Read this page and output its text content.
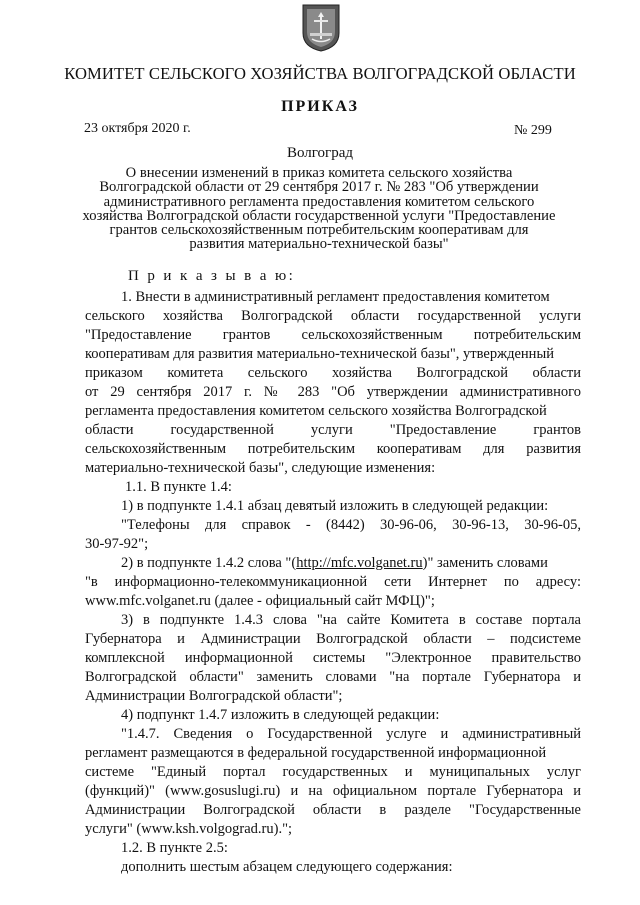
КОМИТЕТ СЕЛЬСКОГО ХОЗЯЙСТВА ВОЛГОГРАДСКОЙ ОБЛАСТИ
ПРИКАЗ
23 октября 2020 г.	№ 299
Волгоград
О внесении изменений в приказ комитета сельского хозяйства
Волгоградской области от 29 сентября 2017 г. № 283 "Об утверждении
административного регламента предоставления комитетом сельского
хозяйства Волгоградской области государственной услуги "Предоставление
грантов сельскохозяйственным потребительским кооперативам для
развития материально-технической базы"
П р и к а з ы в а ю:
1. Внести в административный регламент предоставления комитетом
сельского хозяйства Волгоградской области государственной услуги
"Предоставление грантов сельскохозяйственным потребительским
кооперативам для развития материально-технической базы", утвержденный
приказом комитета сельского хозяйства Волгоградской области
от 29 сентября 2017 г. № 283 "Об утверждении административного
регламента предоставления комитетом сельского хозяйства Волгоградской
области государственной услуги "Предоставление грантов
сельскохозяйственным потребительским кооперативам для развития
материально-технической базы", следующие изменения:
1.1. В пункте 1.4:
1) в подпункте 1.4.1 абзац девятый изложить в следующей редакции:
"Телефоны для справок - (8442) 30-96-06, 30-96-13, 30-96-05,
30-97-92";
2) в подпункте 1.4.2 слова "(http://mfc.volganet.ru)" заменить словами
"в информационно-телекоммуникационной сети Интернет по адресу:
www.mfc.volganet.ru (далее - официальный сайт МФЦ)";
3) в подпункте 1.4.3 слова "на сайте Комитета в составе портала
Губернатора и Администрации Волгоградской области – подсистеме
комплексной информационной системы "Электронное правительство
Волгоградской области" заменить словами "на портале Губернатора и
Администрации Волгоградской области";
4) подпункт 1.4.7 изложить в следующей редакции:
"1.4.7. Сведения о Государственной услуге и административный
регламент размещаются в федеральной государственной информационной
системе "Единый портал государственных и муниципальных услуг
(функций)" (www.gosuslugi.ru) и на официальном портале Губернатора и
Администрации Волгоградской области в разделе "Государственные
услуги" (www.ksh.volgograd.ru).";
1.2. В пункте 2.5:
дополнить шестым абзацем следующего содержания:
